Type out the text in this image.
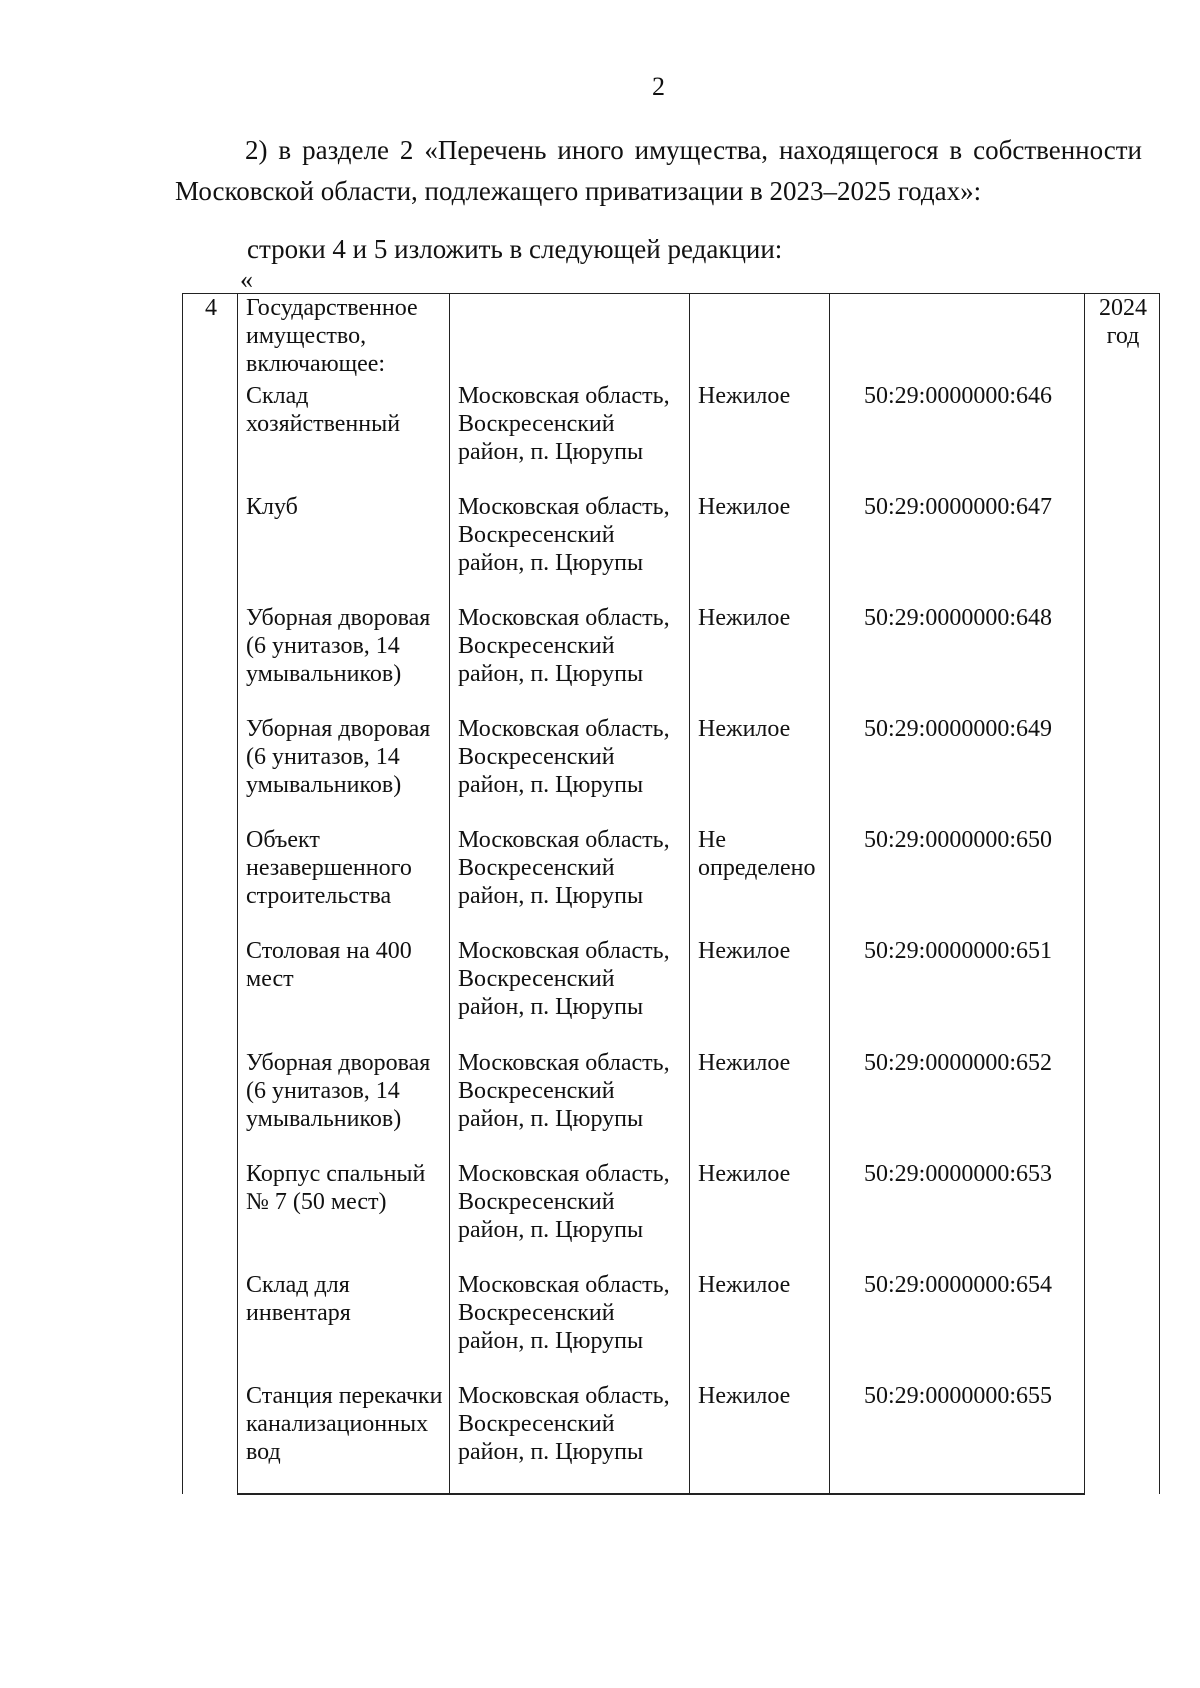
2
2) в разделе 2 «Перечень иного имущества, находящегося в собственности Московской области, подлежащего приватизации в 2023–2025 годах»:
строки 4 и 5 изложить в следующей редакции:
«
4	Государственное имущество, включающее:				2024 год
	Склад хозяйственный	Московская область, Воскресенский район, п. Цюрупы	Нежилое	50:29:0000000:646	
	Клуб	Московская область, Воскресенский район, п. Цюрупы	Нежилое	50:29:0000000:647	
	Уборная дворовая (6 унитазов, 14 умывальников)	Московская область, Воскресенский район, п. Цюрупы	Нежилое	50:29:0000000:648	
	Уборная дворовая (6 унитазов, 14 умывальников)	Московская область, Воскресенский район, п. Цюрупы	Нежилое	50:29:0000000:649	
	Объект незавершенного строительства	Московская область, Воскресенский район, п. Цюрупы	Не определено	50:29:0000000:650	
	Столовая на 400 мест	Московская область, Воскресенский район, п. Цюрупы	Нежилое	50:29:0000000:651	
	Уборная дворовая (6 унитазов, 14 умывальников)	Московская область, Воскресенский район, п. Цюрупы	Нежилое	50:29:0000000:652	
	Корпус спальный № 7 (50 мест)	Московская область, Воскресенский район, п. Цюрупы	Нежилое	50:29:0000000:653	
	Склад для инвентаря	Московская область, Воскресенский район, п. Цюрупы	Нежилое	50:29:0000000:654	
	Станция перекачки канализационных вод	Московская область, Воскресенский район, п. Цюрупы	Нежилое	50:29:0000000:655	
